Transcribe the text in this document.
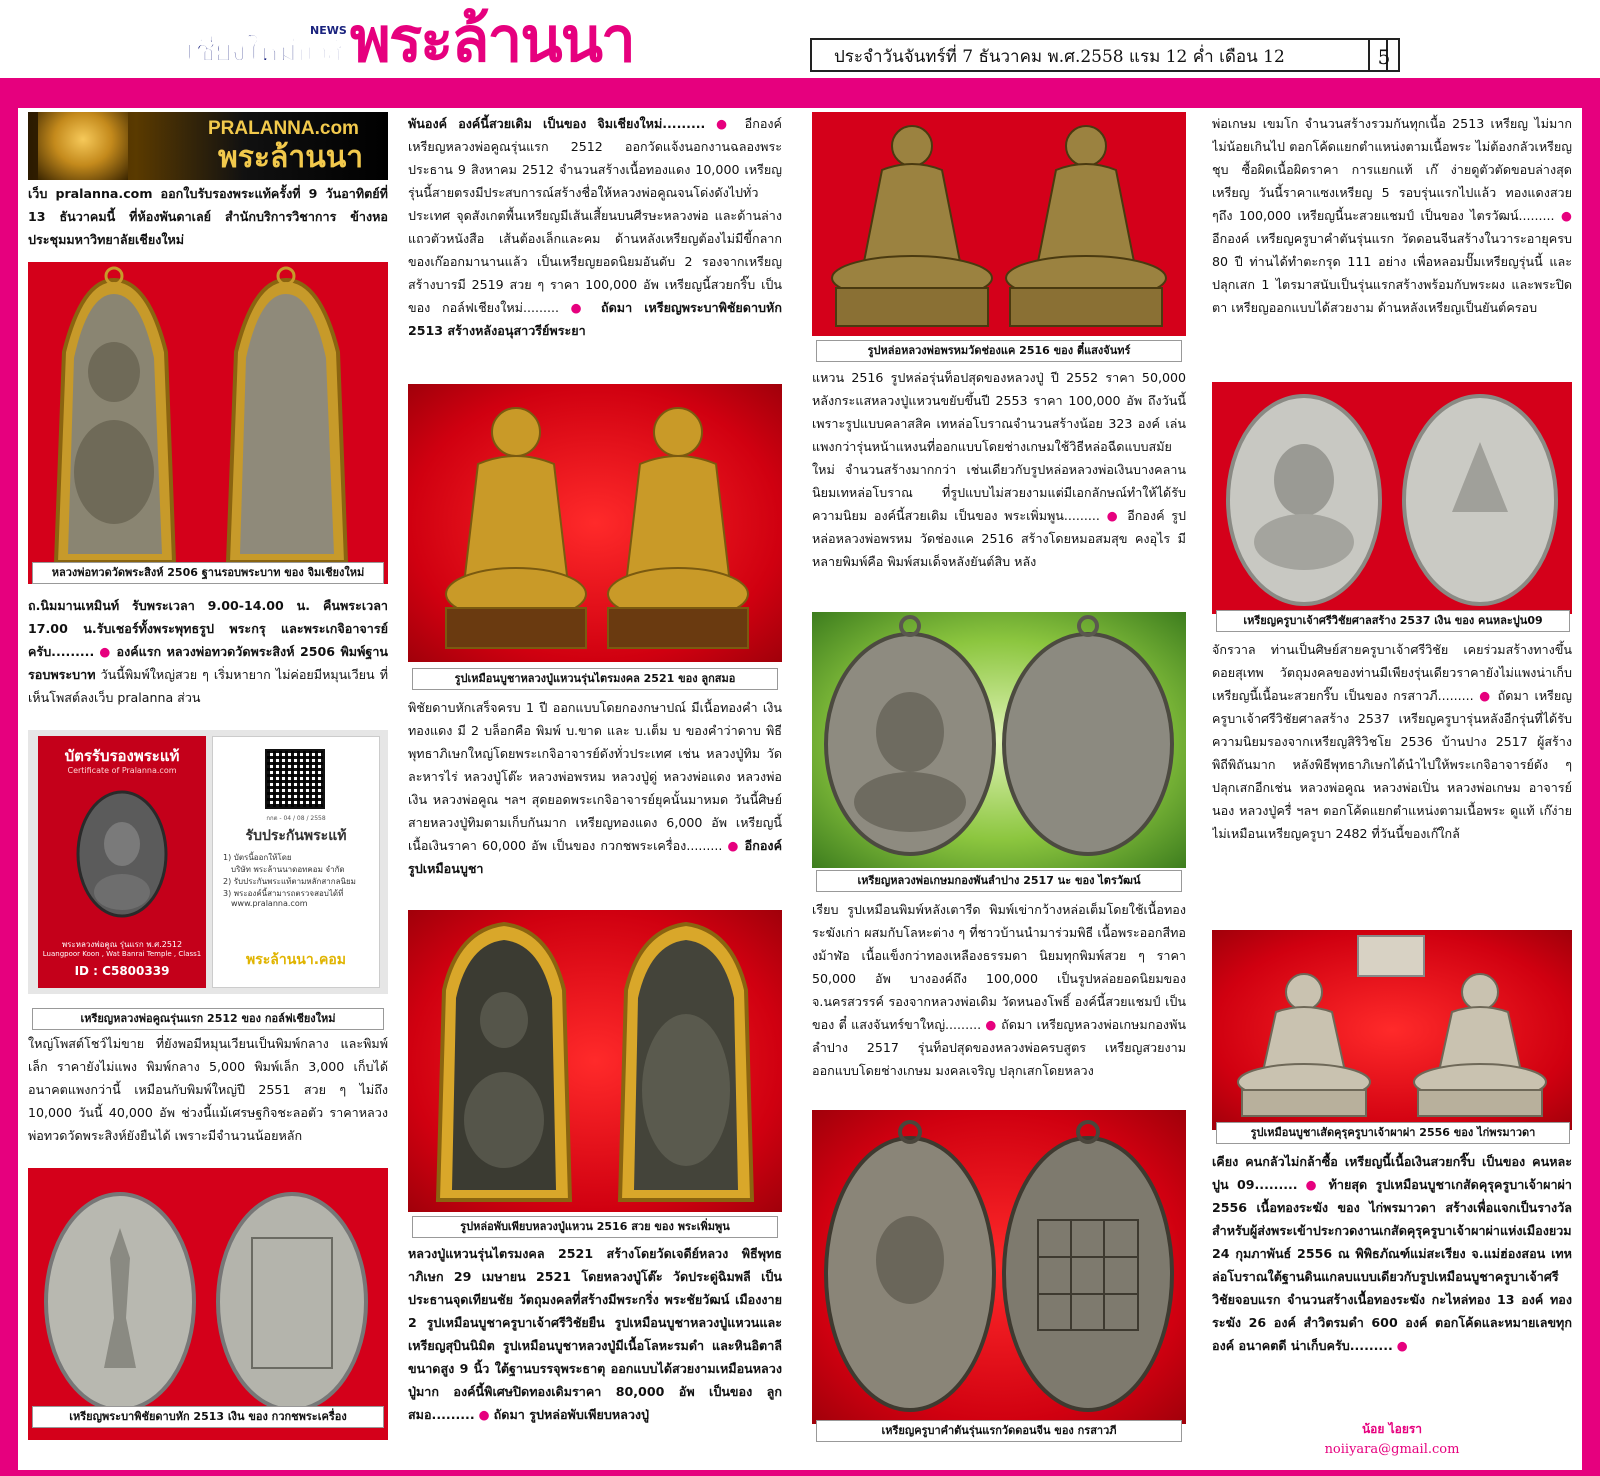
เชียงใหม่นิวส์
NEWS พระล้านนา	ประจำวันจันทร์ที่ 7 ธันวาคม พ.ศ.2558 แรม 12 ค่ำ เดือน 12	5
PRALANNA.com
พระล้านนา
เว็บ pralanna.com ออกใบรับรองพระแท้ครั้งที่ 9 วันอาทิตย์ที่ 13 ธันวาคมนี้ ที่ห้องพันดาเลย์ สำนักบริการวิชาการ ข้างหอประชุมมหาวิทยาลัยเชียงใหม่
หลวงพ่อทวดวัดพระสิงห์ 2506 ฐานรอบพระบาท ของ จิมเชียงใหม่
ถ.นิมมานเหมินท์ รับพระเวลา 9.00-14.00 น. คืนพระเวลา 17.00 น.รับเชอร์ทั้งพระพุทธรูป พระกรุ และพระเกจิอาจารย์ครับ......... ● องค์แรก หลวงพ่อทวดวัดพระสิงห์ 2506 พิมพ์ฐานรอบพระบาท วันนี้พิมพ์ใหญ่สวย ๆ เริ่มหายาก ไม่ค่อยมีหมุนเวียน ที่เห็นโพสต์ลงเว็บ pralanna ส่วน
บัตรรับรองพระแท้
Certificate of Pralanna.com
พระหลวงพ่อคูณ รุ่นแรก พ.ศ.2512
Luangpoor Koon , Wat Banrai Temple , Class1
ID : C5800339
กกต - 04 / 08 / 2558
รับประกันพระแท้
1) บัตรนี้ออกให้โดย
บริษัท พระล้านนาดอทคอม จำกัด
2) รับประกันพระแท้ตามหลักสากลนิยม
3) พระองค์นี้สามารถตรวจสอบได้ที่
www.pralanna.com
พระล้านนา.คอม
เหรียญหลวงพ่อคูณรุ่นแรก 2512 ของ กอล์ฟเชียงใหม่
ใหญ่โพสต์โชว์ไม่ขาย ที่ยังพอมีหมุนเวียนเป็นพิมพ์กลาง และพิมพ์เล็ก ราคายังไม่แพง พิมพ์กลาง 5,000 พิมพ์เล็ก 3,000 เก็บได้อนาคตแพงกว่านี้ เหมือนกับพิมพ์ใหญ่ปี 2551 สวย ๆ ไม่ถึง 10,000 วันนี้ 40,000 อัพ ช่วงนี้แม้เศรษฐกิจชะลอตัว ราคาหลวงพ่อทวดวัดพระสิงห์ยังยืนได้ เพราะมีจำนวนน้อยหลัก
เหรียญพระบาพิชัยดาบหัก 2513 เงิน ของ กวกชพระเครื่อง
พันองค์ องค์นี้สวยเดิม เป็นของ จิมเชียงใหม่......... ● อีกองค์ เหรียญหลวงพ่อคูณรุ่นแรก 2512 ออกวัดแจ้งนอกงานฉลองพระประธาน 9 สิงหาคม 2512 จำนวนสร้างเนื้อทองแดง 10,000 เหรียญ รุ่นนี้สายตรงมีประสบการณ์สร้างชื่อให้หลวงพ่อคูณจนโด่งดังไปทั่วประเทศ จุดสังเกตพื้นเหรียญมีเส้นเสี้ยนบนศีรษะหลวงพ่อ และด้านล่างแถวตัวหนังสือ เส้นต้องเล็กและคม ด้านหลังเหรียญต้องไม่มีขี้กลาก ของเก๊ออกมานานแล้ว เป็นเหรียญยอดนิยมอันดับ 2 รองจากเหรียญสร้างบารมี 2519 สวย ๆ ราคา 100,000 อัพ เหรียญนี้สวยกริ๊บ เป็นของ กอล์ฟเชียงใหม่......... ● ถัดมา เหรียญพระบาพิชัยดาบหัก 2513 สร้างหลังอนุสาวรีย์พระยา
รูปเหมือนบูชาหลวงปู่แหวนรุ่นไตรมงคล 2521 ของ ลูกสมอ
พิชัยดาบหักเสร็จครบ 1 ปี ออกแบบโดยกองกษาปณ์ มีเนื้อทองคำ เงิน ทองแดง มี 2 บล็อกคือ พิมพ์ บ.ขาด และ บ.เต็ม บ ของคำว่าดาบ พิธีพุทธาภิเษกใหญ่โดยพระเกจิอาจารย์ดังทั่วประเทศ เช่น หลวงปู่ทิม วัดละหารไร่ หลวงปู่โต๊ะ หลวงพ่อพรหม หลวงปู่ดู่ หลวงพ่อแดง หลวงพ่อเงิน หลวงพ่อคูณ ฯลฯ สุดยอดพระเกจิอาจารย์ยุคนั้นมาหมด วันนี้ศิษย์สายหลวงปู่ทิมตามเก็บกันมาก เหรียญทองแดง 6,000 อัพ เหรียญนี้เนื้อเงินราคา 60,000 อัพ เป็นของ กวกชพระเครื่อง......... ● อีกองค์ รูปเหมือนบูชา
รูปหล่อพับเพียบหลวงปู่แหวน 2516 สวย ของ พระเพิ่มพูน
หลวงปู่แหวนรุ่นไตรมงคล 2521 สร้างโดยวัดเจดีย์หลวง พิธีพุทธาภิเษก 29 เมษายน 2521 โดยหลวงปู่โต๊ะ วัดประดู่ฉิมพลี เป็นประธานจุดเทียนชัย วัตถุมงคลที่สร้างมีพระกริ่ง พระชัยวัฒน์ เมืองงาย 2 รูปเหมือนบูชาครูบาเจ้าศรีวิชัยยืน รูปเหมือนบูชาหลวงปู่แหวนและเหรียญสุบินนิมิต รูปเหมือนบูชาหลวงปู่มีเนื้อโลหะรมดำ และหินอิตาลี ขนาดสูง 9 นิ้ว ใต้ฐานบรรจุพระธาตุ ออกแบบได้สวยงามเหมือนหลวงปู่มาก องค์นี้พิเศษปิดทองเดิมราคา 80,000 อัพ เป็นของ ลูกสมอ......... ● ถัดมา รูปหล่อพับเพียบหลวงปู่
รูปหล่อหลวงพ่อพรหมวัดช่องแค 2516 ของ ตี๋แสงจันทร์
แหวน 2516 รูปหล่อรุ่นท็อปสุดของหลวงปู่ ปี 2552 ราคา 50,000 หลังกระแสหลวงปู่แหวนขยับขึ้นปี 2553 ราคา 100,000 อัพ ถึงวันนี้เพราะรูปแบบคลาสสิค เทหล่อโบราณจำนวนสร้างน้อย 323 องค์ เล่นแพงกว่ารุ่นหน้าแหงนที่ออกแบบโดยช่างเกษมใช้วิธีหล่อฉีดแบบสมัยใหม่ จำนวนสร้างมากกว่า เช่นเดียวกับรูปหล่อหลวงพ่อเงินบางคลานนิยมเทหล่อโบราณ ที่รูปแบบไม่สวยงามแต่มีเอกลักษณ์ทำให้ได้รับความนิยม องค์นี้สวยเดิม เป็นของ พระเพิ่มพูน......... ● อีกองค์ รูปหล่อหลวงพ่อพรหม วัดช่องแค 2516 สร้างโดยหมอสมสุข คงอุไร มีหลายพิมพ์คือ พิมพ์สมเด็จหลังยันต์สิบ หลัง
เหรียญหลวงพ่อเกษมกองพันลำปาง 2517 นะ ของ ไตรวัฒน์
เรียบ รูปเหมือนพิมพ์หลังเตารีด พิมพ์เข่ากว้างหล่อเต็มโดยใช้เนื้อทองระฆังเก่า ผสมกับโลหะต่าง ๆ ที่ชาวบ้านนำมาร่วมพิธี เนื้อพระออกสีทองม้าฬ่อ เนื้อแข็งกว่าทองเหลืองธรรมดา นิยมทุกพิมพ์สวย ๆ ราคา 50,000 อัพ บางองค์ถึง 100,000 เป็นรูปหล่อยอดนิยมของ จ.นครสวรรค์ รองจากหลวงพ่อเดิม วัดหนองโพธิ์ องค์นี้สวยแชมป์ เป็นของ ตี๋ แสงจันทร์ขาใหญ่......... ● ถัดมา เหรียญหลวงพ่อเกษมกองพันลำปาง 2517 รุ่นท็อปสุดของหลวงพ่อครบสูตร เหรียญสวยงามออกแบบโดยช่างเกษม มงคลเจริญ ปลุกเสกโดยหลวง
เหรียญครูบาคำตันรุ่นแรกวัดดอนจีน ของ กรสาวภี
พ่อเกษม เขมโก จำนวนสร้างรวมกันทุกเนื้อ 2513 เหรียญ ไม่มากไม่น้อยเกินไป ตอกโค้ดแยกตำแหน่งตามเนื้อพระ ไม่ต้องกลัวเหรียญชุบ ซื้อผิดเนื้อผิดราคา การแยกแท้ เก๊ ง่ายดูตัวตัดขอบล่างสุดเหรียญ วันนี้ราคาแซงเหรียญ 5 รอบรุ่นแรกไปแล้ว ทองแดงสวย ๆถึง 100,000 เหรียญนี้นะสวยแชมป์ เป็นของ ไตรวัฒน์......... ● อีกองค์ เหรียญครูบาคำตันรุ่นแรก วัดดอนจีนสร้างในวาระอายุครบ 80 ปี ท่านได้ทำตะกรุด 111 อย่าง เพื่อหลอมปั๊มเหรียญรุ่นนี้ และปลุกเสก 1 ไตรมาสนับเป็นรุ่นแรกสร้างพร้อมกับพระผง และพระปิดตา เหรียญออกแบบได้สวยงาม ด้านหลังเหรียญเป็นยันต์ครอบ
เหรียญครูบาเจ้าศรีวิชัยศาลสร้าง 2537 เงิน ของ คนหละปูน09
จักรวาล ท่านเป็นศิษย์สายครูบาเจ้าศรีวิชัย เคยร่วมสร้างทางขึ้นดอยสุเทพ วัตถุมงคลของท่านมีเพียงรุ่นเดียวราคายังไม่แพงน่าเก็บ เหรียญนี้เนื้อนะสวยกริ๊บ เป็นของ กรสาวภี......... ● ถัดมา เหรียญครูบาเจ้าศรีวิชัยศาลสร้าง 2537 เหรียญครูบารุ่นหลังอีกรุ่นที่ได้รับความนิยมรองจากเหรียญสิริวิชโย 2536 บ้านปาง 2517 ผู้สร้างพิถีพิถันมาก หลังพิธีพุทธาภิเษกได้นำไปให้พระเกจิอาจารย์ดัง ๆ ปลุกเสกอีกเช่น หลวงพ่อคูณ หลวงพ่อเปิ่น หลวงพ่อเกษม อาจารย์นอง หลวงปู่ครื่ ฯลฯ ตอกโค้ดแยกตำแหน่งตามเนื้อพระ ดูแท้ เก๊ง่าย ไม่เหมือนเหรียญครูบา 2482 ที่วันนี้ของเก๊ใกล้
รูปเหมือนบูชาเสัดคุรุครูบาเจ้าผาผ่า 2556 ของ ไก่พรมาวดา
เคียง คนกลัวไม่กล้าซื้อ เหรียญนี้เนื้อเงินสวยกริ๊บ เป็นของ คนหละปูน 09......... ● ท้ายสุด รูปเหมือนบูชาเกสัดคุรุครูบาเจ้าผาผ่า 2556 เนื้อทองระฆัง ของ ไก่พรมาวดา สร้างเพื่อแจกเป็นรางวัลสำหรับผู้ส่งพระเข้าประกวดงานเกสัดคุรุครูบาเจ้าผาผ่าแห่งเมืองยวม 24 กุมภาพันธ์ 2556 ณ พิพิธภัณฑ์แม่สะเรียง จ.แม่ฮ่องสอน เทหล่อโบราณใต้ฐานดินแกลบแบบเดียวกับรูปเหมือนบูชาครูบาเจ้าศรีวิชัยจอบแรก จำนวนสร้างเนื้อทองระฆัง กะไหล่ทอง 13 องค์ ทองระฆัง 26 องค์ สำวิตรมดำ 600 องค์ ตอกโค้ดและหมายเลขทุกองค์ อนาคตดี น่าเก็บครับ......... ●
น้อย ไอยรา
noiiyara@gmail.com
